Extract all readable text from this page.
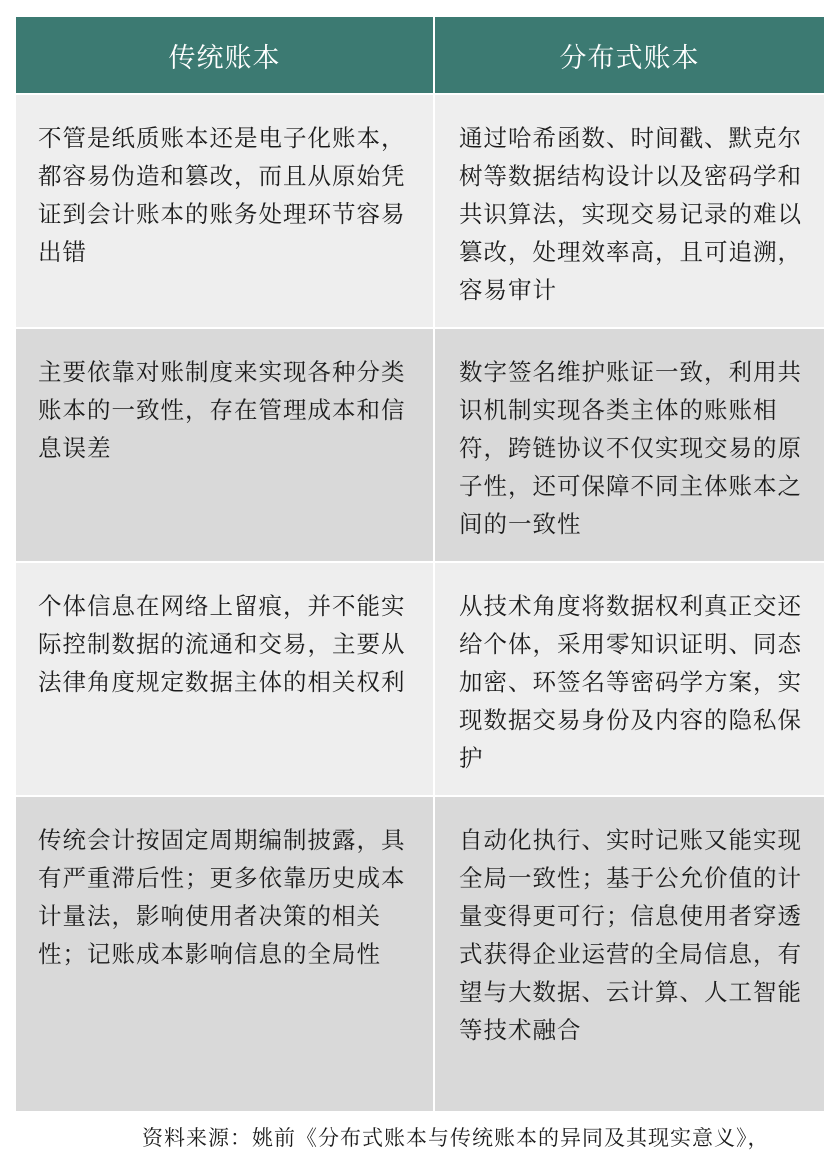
传统账本	分布式账本
不管是纸质账本还是电子化账本，都容易伪造和篡改，而且从原始凭证到会计账本的账务处理环节容易出错
通过哈希函数、时间戳、默克尔树等数据结构设计以及密码学和共识算法，实现交易记录的难以篡改，处理效率高，且可追溯，容易审计
主要依靠对账制度来实现各种分类账本的一致性，存在管理成本和信息误差
数字签名维护账证一致，利用共识机制实现各类主体的账账相符，跨链协议不仅实现交易的原子性，还可保障不同主体账本之间的一致性
个体信息在网络上留痕，并不能实际控制数据的流通和交易，主要从法律角度规定数据主体的相关权利
从技术角度将数据权利真正交还给个体，采用零知识证明、同态加密、环签名等密码学方案，实现数据交易身份及内容的隐私保护
传统会计按固定周期编制披露，具有严重滞后性；更多依靠历史成本计量法，影响使用者决策的相关性；记账成本影响信息的全局性
自动化执行、实时记账又能实现全局一致性；基于公允价值的计量变得更可行；信息使用者穿透式获得企业运营的全局信息，有望与大数据、云计算、人工智能等技术融合
资料来源：姚前《分布式账本与传统账本的异同及其现实意义》，
